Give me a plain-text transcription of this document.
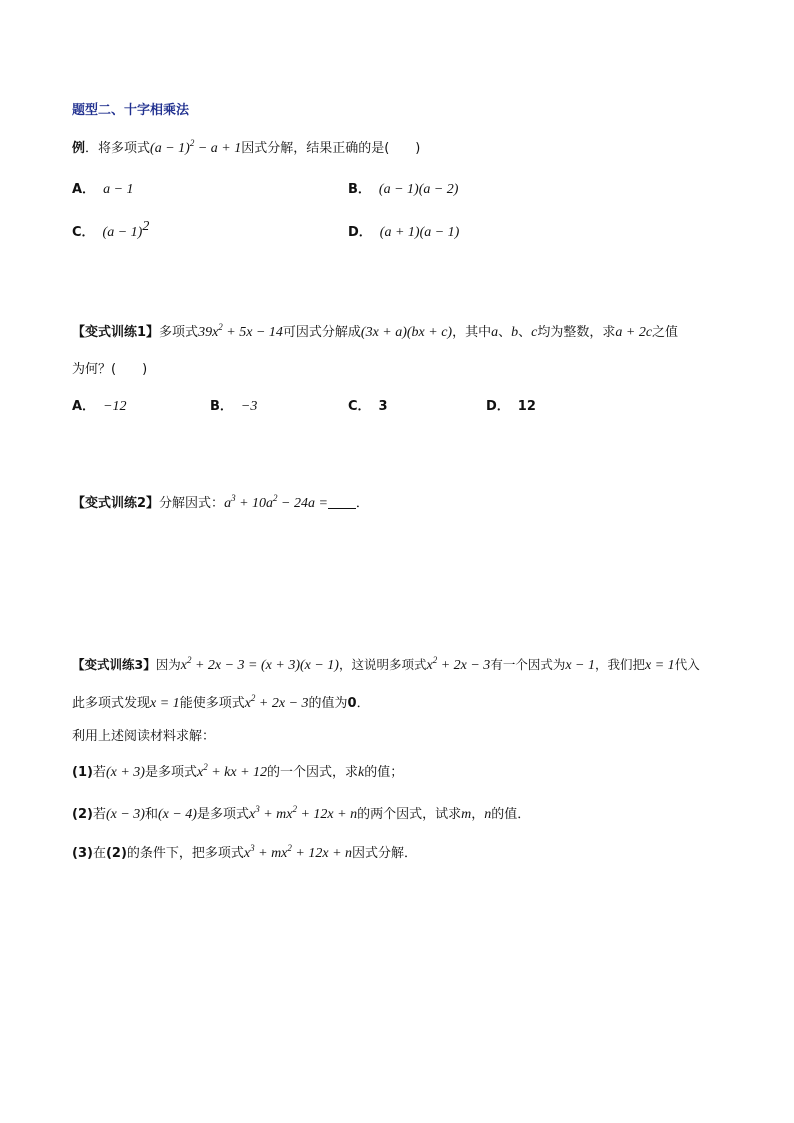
题型二、十字相乘法
例．将多项式$(a - 1)^2 - a + 1$因式分解，结果正确的是(　　)
A． a − 1	B． (a − 1)(a − 2)
C． $(a - 1)^2$	D． (a + 1)(a − 1)
【变式训练1】多项式$39x^2 + 5x - 14$可因式分解成(3x + a)(bx + c)，其中a、b、c均为整数，求a + 2c之值
为何？(　　)
A． −12	B． −3	C． 3	D． 12
【变式训练2】分解因式：$a^3 + 10a^2 - 24a$ = ．
【变式训练3】因为$x^2 + 2x - 3 = (x + 3)(x - 1)$，这说明多项式$x^2 + 2x - 3$有一个因式为x − 1，我们把x = 1代入
此多项式发现x = 1能使多项式$x^2 + 2x - 3$的值为0．
利用上述阅读材料求解：
(1)若(x + 3)是多项式$x^2$ + kx + 12的一个因式，求k的值；
(2)若(x − 3)和(x − 4)是多项式$x^3 + mx^2 + 12x + n$的两个因式，试求m，n的值．
(3)在(2)的条件下，把多项式$x^3 + mx^2 + 12x + n$因式分解．
